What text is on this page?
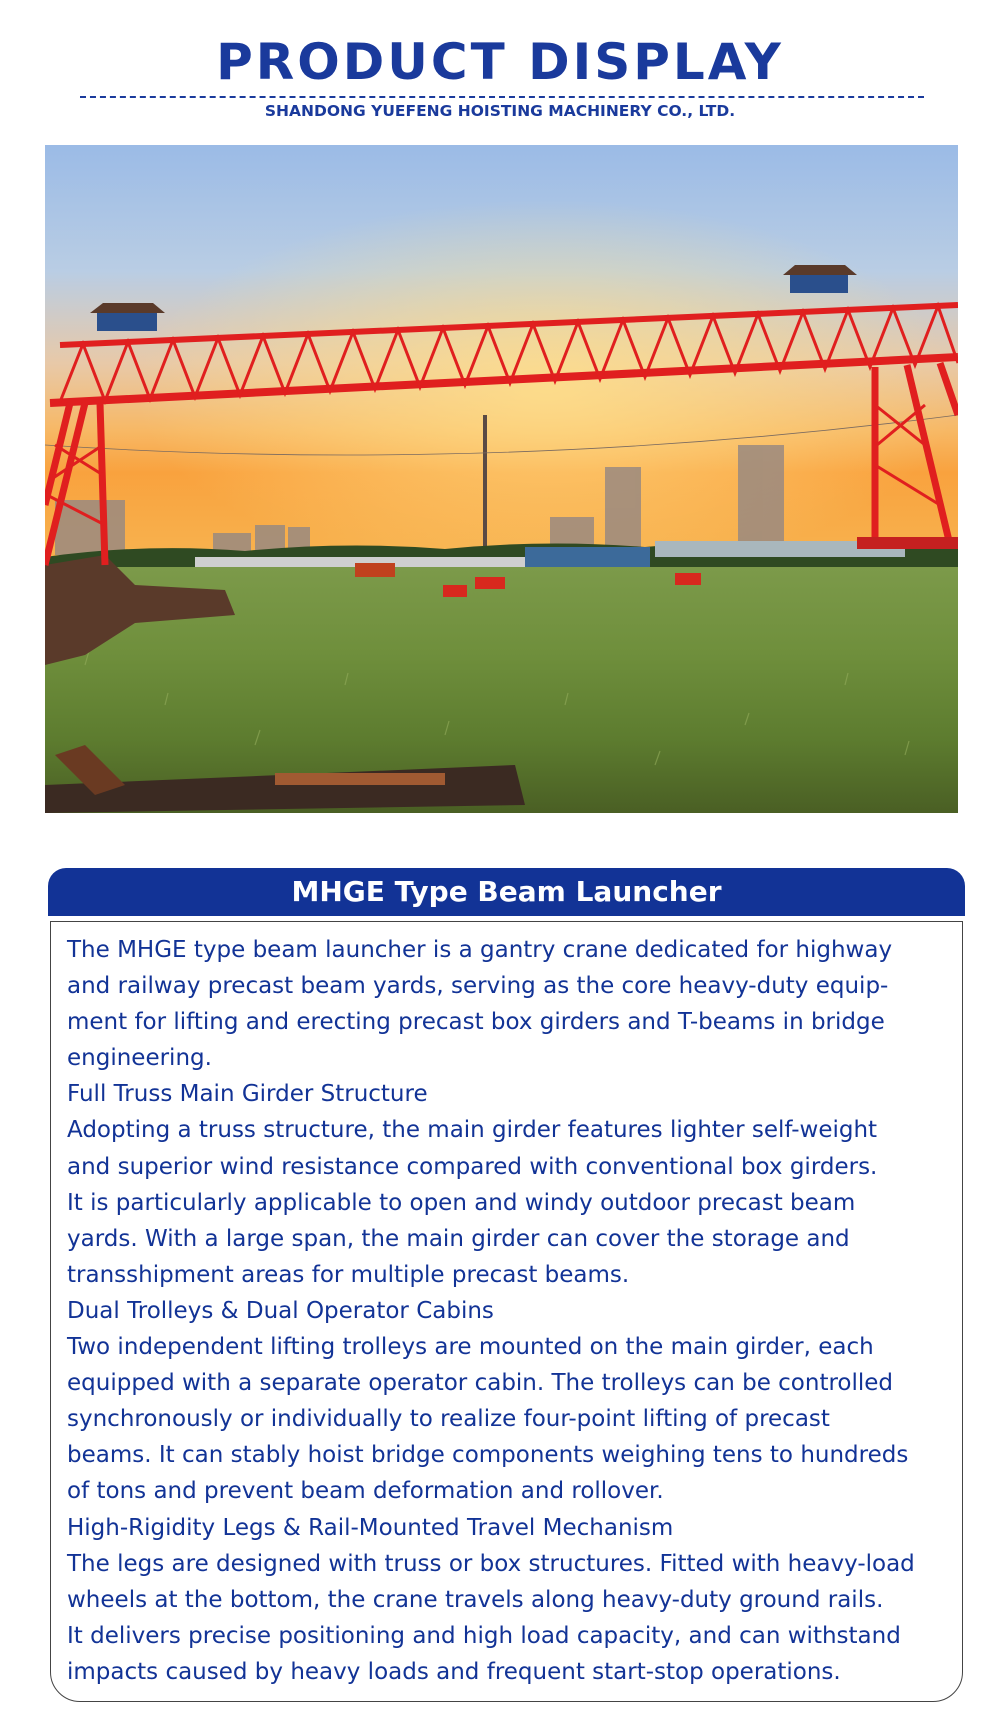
PRODUCT DISPLAY
SHANDONG YUEFENG HOISTING MACHINERY CO., LTD.
MHGE Type Beam Launcher

The MHGE type beam launcher is a gantry crane dedicated for highway

and railway precast beam yards, serving as the core heavy-duty equip-

ment for lifting and erecting precast box girders and T-beams in bridge

engineering.

Full Truss Main Girder Structure

Adopting a truss structure, the main girder features lighter self-weight

and superior wind resistance compared with conventional box girders.

It is particularly applicable to open and windy outdoor precast beam

yards. With a large span, the main girder can cover the storage and

transshipment areas for multiple precast beams.

Dual Trolleys & Dual Operator Cabins

Two independent lifting trolleys are mounted on the main girder, each

equipped with a separate operator cabin. The trolleys can be controlled

synchronously or individually to realize four-point lifting of precast

beams. It can stably hoist bridge components weighing tens to hundreds

of tons and prevent beam deformation and rollover.

High-Rigidity Legs & Rail-Mounted Travel Mechanism

The legs are designed with truss or box structures. Fitted with heavy-load

wheels at the bottom, the crane travels along heavy-duty ground rails.

It delivers precise positioning and high load capacity, and can withstand

impacts caused by heavy loads and frequent start-stop operations.
